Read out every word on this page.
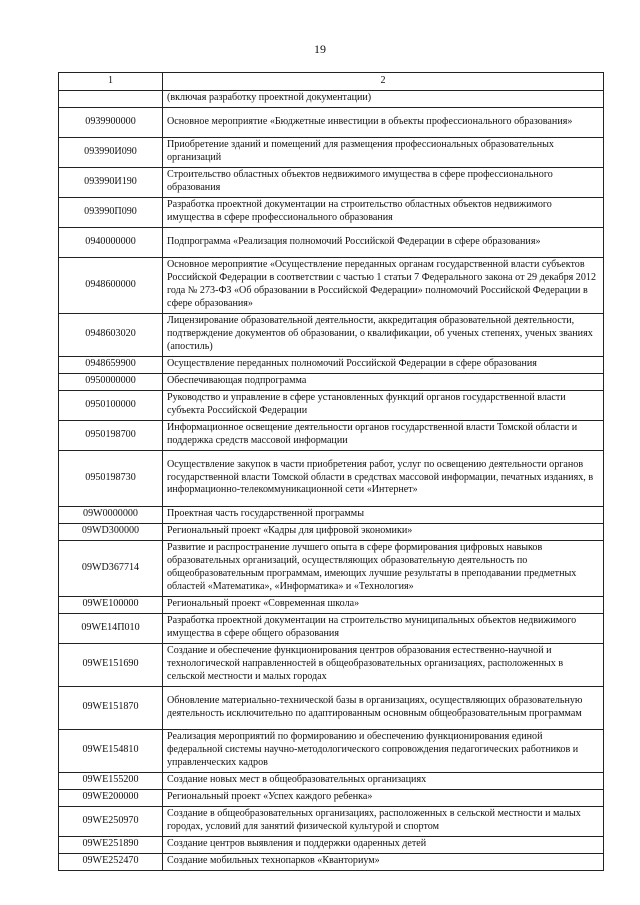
19
1	2
	(включая разработку проектной документации)
0939900000	Основное мероприятие «Бюджетные инвестиции в объекты профессионального образования»
093990И090	Приобретение зданий и помещений для размещения профессиональных образовательных организаций
093990И190	Строительство областных объектов недвижимого имущества в сфере профессионального образования
093990П090	Разработка проектной документации на строительство областных объектов недвижимого имущества в сфере профессионального образования
0940000000	Подпрограмма «Реализация полномочий Российской Федерации в сфере образования»
0948600000	Основное мероприятие «Осуществление переданных органам государственной власти субъектов Российской Федерации в соответствии с частью 1 статьи 7 Федерального закона от 29 декабря 2012 года № 273-ФЗ «Об образовании в Российской Федерации» полномочий Российской Федерации в сфере образования»
0948603020	Лицензирование образовательной деятельности, аккредитация образовательной деятельности, подтверждение документов об образовании, о квалификации, об ученых степенях, ученых званиях (апостиль)
0948659900	Осуществление переданных полномочий Российской Федерации в сфере образования
0950000000	Обеспечивающая подпрограмма
0950100000	Руководство и управление в сфере установленных функций органов государственной власти субъекта Российской Федерации
0950198700	Информационное освещение деятельности органов государственной власти Томской области и поддержка средств массовой информации
0950198730	Осуществление закупок в части приобретения работ, услуг по освещению деятельности органов государственной власти Томской области в средствах массовой информации, печатных изданиях, в информационно-телекоммуникационной сети «Интернет»
09W0000000	Проектная часть государственной программы
09WD300000	Региональный проект «Кадры для цифровой экономики»
09WD367714	Развитие и распространение лучшего опыта в сфере формирования цифровых навыков образовательных организаций, осуществляющих образовательную деятельность по общеобразовательным программам, имеющих лучшие результаты в преподавании предметных областей «Математика», «Информатика» и «Технология»
09WE100000	Региональный проект «Современная школа»
09WE14П010	Разработка проектной документации на строительство муниципальных объектов недвижимого имущества в сфере общего образования
09WE151690	Создание и обеспечение функционирования центров образования естественно-научной и технологической направленностей в общеобразовательных организациях, расположенных в сельской местности и малых городах
09WE151870	Обновление материально-технической базы в организациях, осуществляющих образовательную деятельность исключительно по адаптированным основным общеобразовательным программам
09WE154810	Реализация мероприятий по формированию и обеспечению функционирования единой федеральной системы научно-методологического сопровождения педагогических работников и управленческих кадров
09WE155200	Создание новых мест в общеобразовательных организациях
09WE200000	Региональный проект «Успех каждого ребенка»
09WE250970	Создание в общеобразовательных организациях, расположенных в сельской местности и малых городах, условий для занятий физической культурой и спортом
09WE251890	Создание центров выявления и поддержки одаренных детей
09WE252470	Создание мобильных технопарков «Кванториум»
